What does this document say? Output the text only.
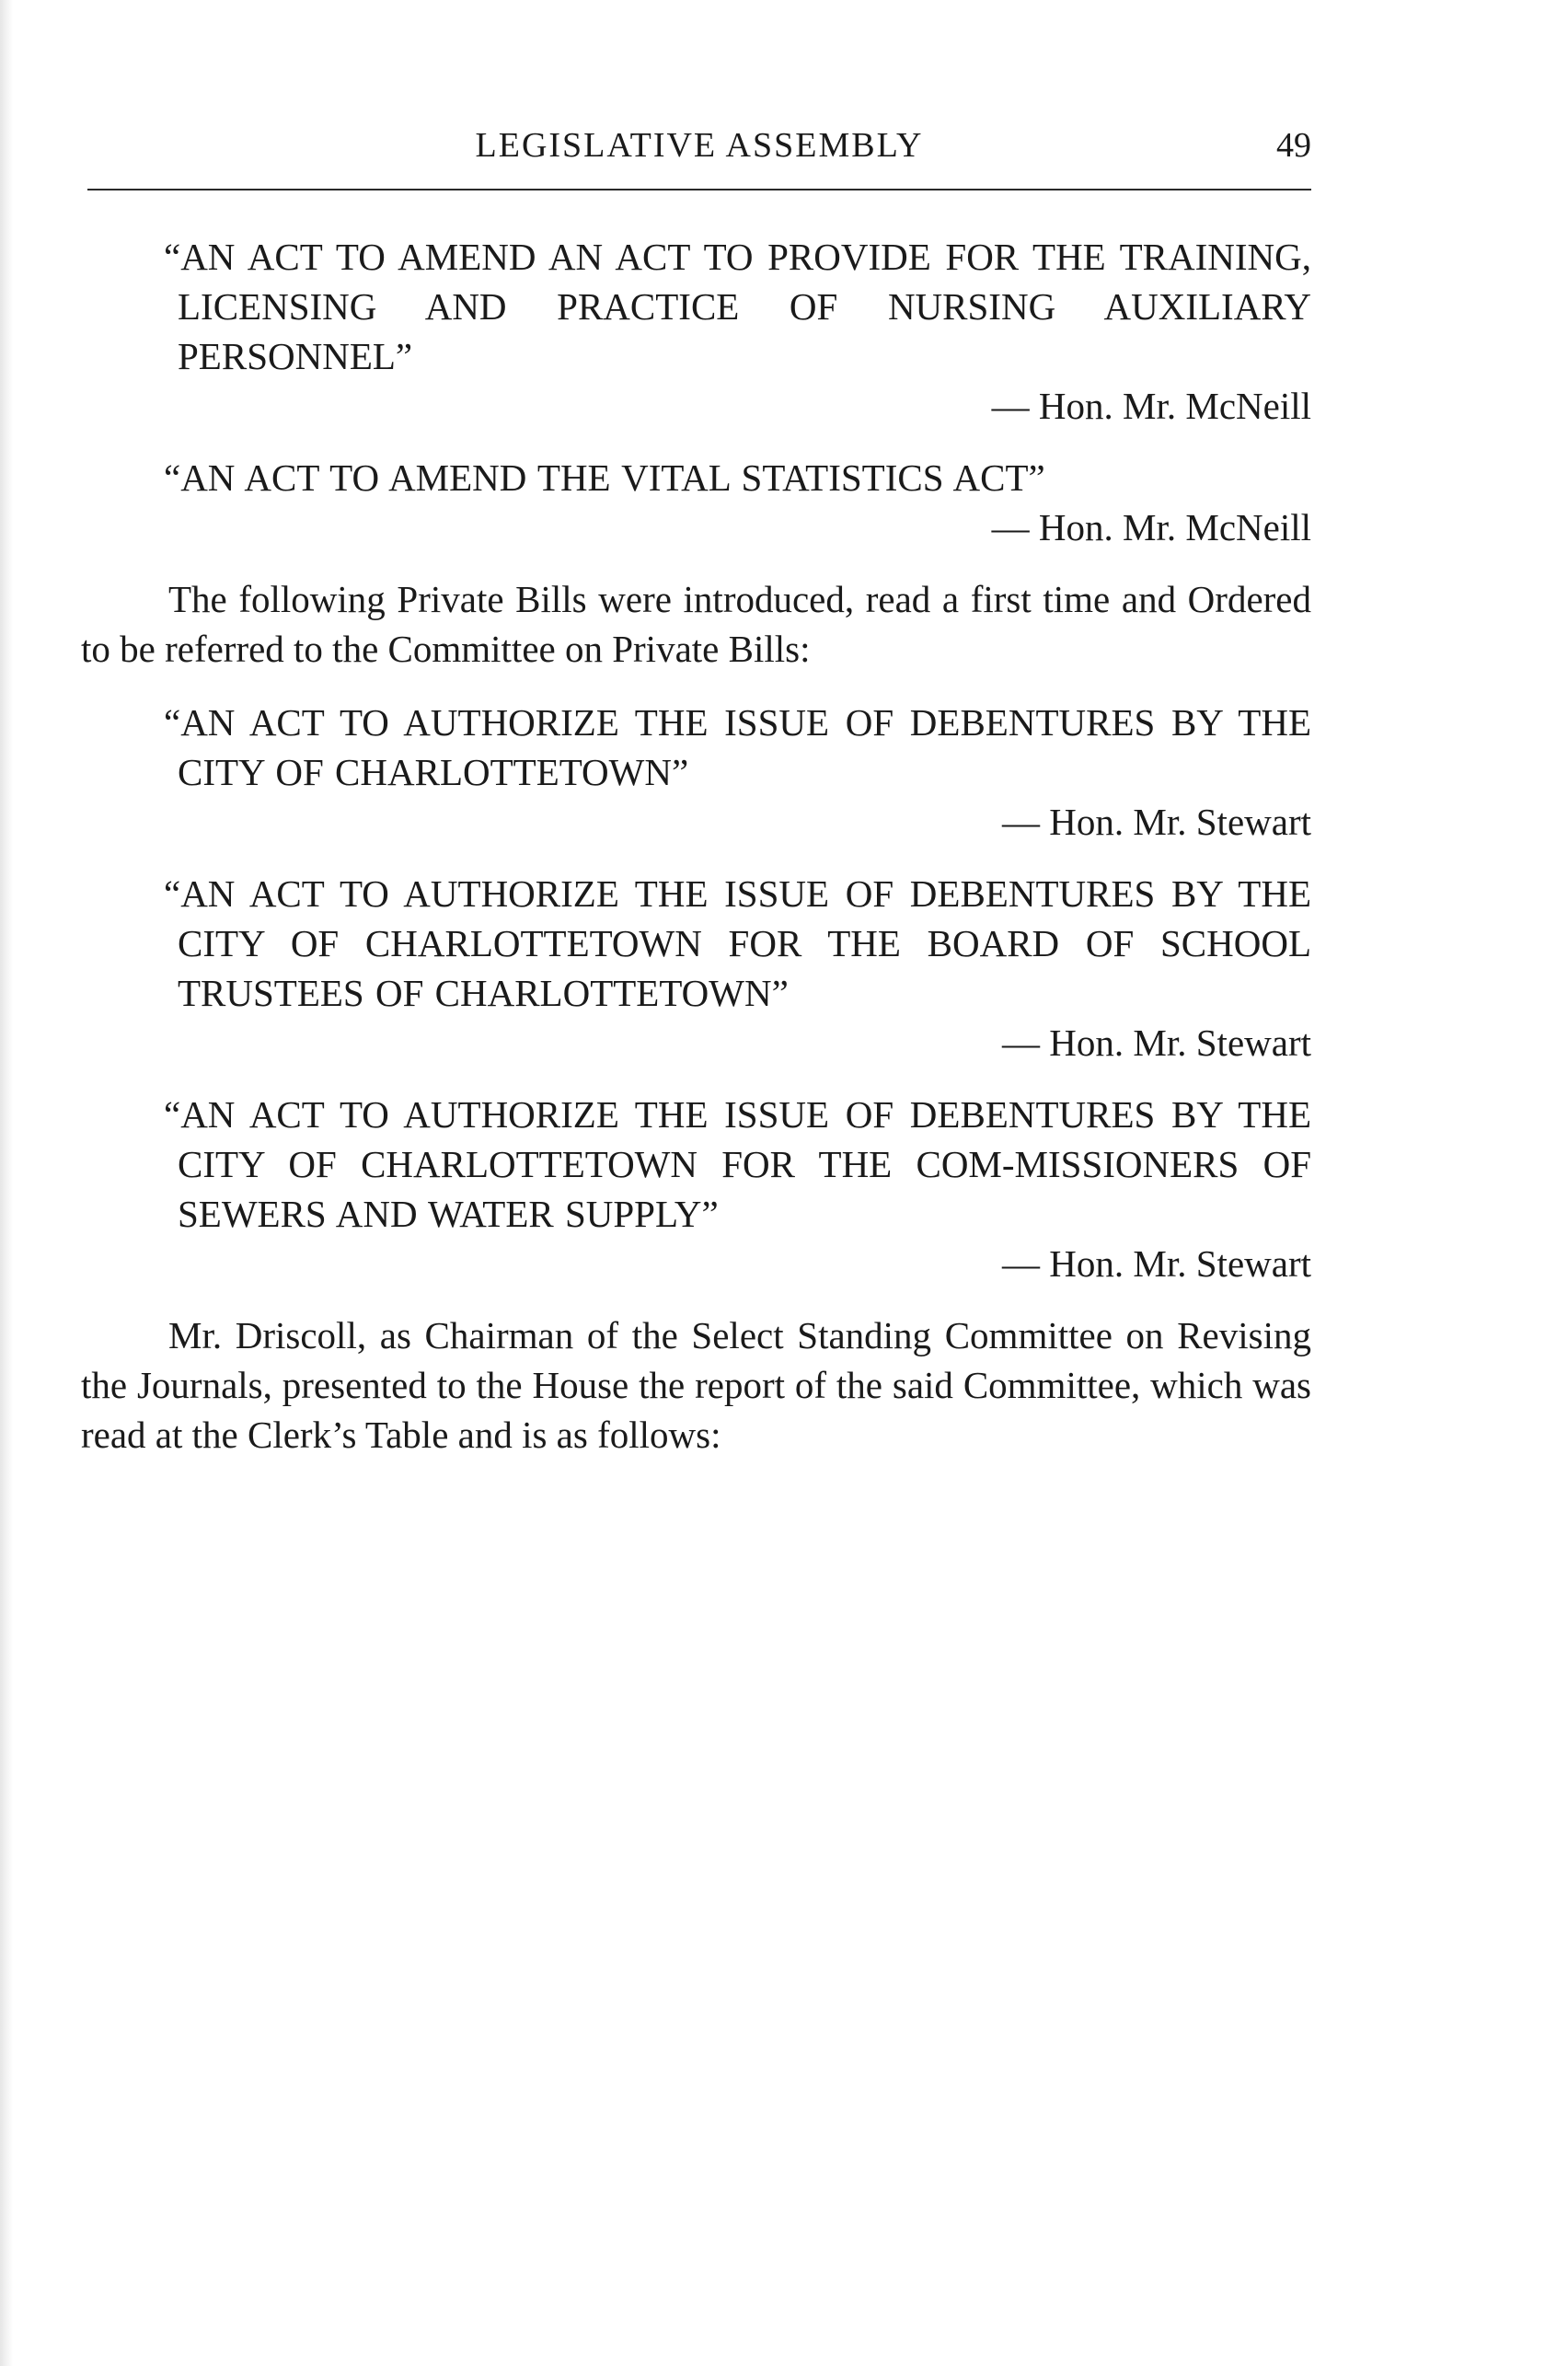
LEGISLATIVE ASSEMBLY	49

“AN ACT TO AMEND AN ACT TO PROVIDE FOR THE TRAINING, LICENSING AND PRACTICE OF NURSING AUXILIARY PERSONNEL”

— Hon. Mr. McNeill

“AN ACT TO AMEND THE VITAL STATISTICS ACT”

— Hon. Mr. McNeill

The following Private Bills were introduced, read a first time and Ordered to be referred to the Committee on Private Bills:

“AN ACT TO AUTHORIZE THE ISSUE OF DEBENTURES BY THE CITY OF CHARLOTTETOWN”

— Hon. Mr. Stewart

“AN ACT TO AUTHORIZE THE ISSUE OF DEBENTURES BY THE CITY OF CHARLOTTETOWN FOR THE BOARD OF SCHOOL TRUSTEES OF CHARLOTTETOWN”

— Hon. Mr. Stewart

“AN ACT TO AUTHORIZE THE ISSUE OF DEBENTURES BY THE CITY OF CHARLOTTETOWN FOR THE COM-MISSIONERS OF SEWERS AND WATER SUPPLY”

— Hon. Mr. Stewart

Mr. Driscoll, as Chairman of the Select Standing Committee on Revising the Journals, presented to the House the report of the said Committee, which was read at the Clerk’s Table and is as follows:
